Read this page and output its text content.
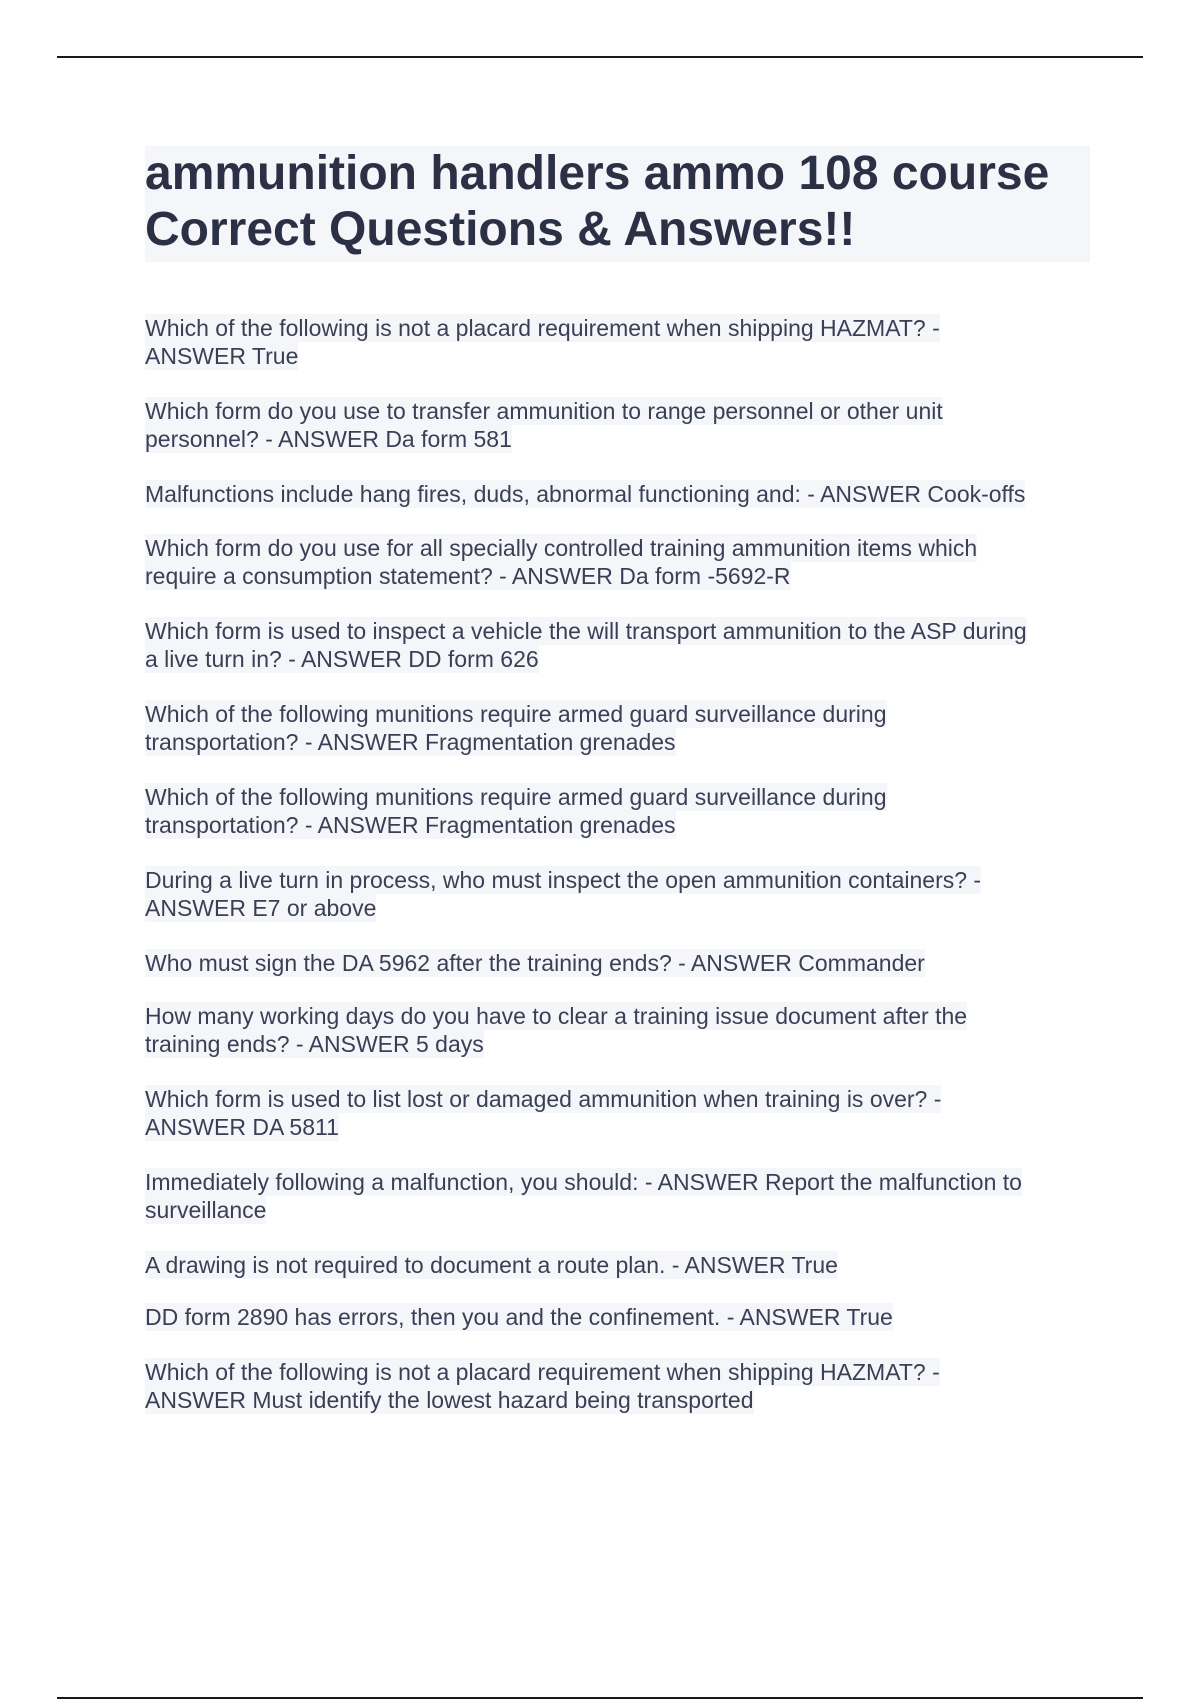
ammunition handlers ammo 108 course
Correct Questions & Answers!!
Which of the following is not a placard requirement when shipping HAZMAT? -
ANSWER True
Which form do you use to transfer ammunition to range personnel or other unit
personnel? - ANSWER Da form 581
Malfunctions include hang fires, duds, abnormal functioning and: - ANSWER Cook-offs
Which form do you use for all specially controlled training ammunition items which
require a consumption statement? - ANSWER Da form -5692-R
Which form is used to inspect a vehicle the will transport ammunition to the ASP during
a live turn in? - ANSWER DD form 626
Which of the following munitions require armed guard surveillance during
transportation? - ANSWER Fragmentation grenades
Which of the following munitions require armed guard surveillance during
transportation? - ANSWER Fragmentation grenades
During a live turn in process, who must inspect the open ammunition containers? -
ANSWER E7 or above
Who must sign the DA 5962 after the training ends? - ANSWER Commander
How many working days do you have to clear a training issue document after the
training ends? - ANSWER 5 days
Which form is used to list lost or damaged ammunition when training is over? -
ANSWER DA 5811
Immediately following a malfunction, you should: - ANSWER Report the malfunction to
surveillance
A drawing is not required to document a route plan. - ANSWER True
DD form 2890 has errors, then you and the confinement. - ANSWER True
Which of the following is not a placard requirement when shipping HAZMAT? -
ANSWER Must identify the lowest hazard being transported
